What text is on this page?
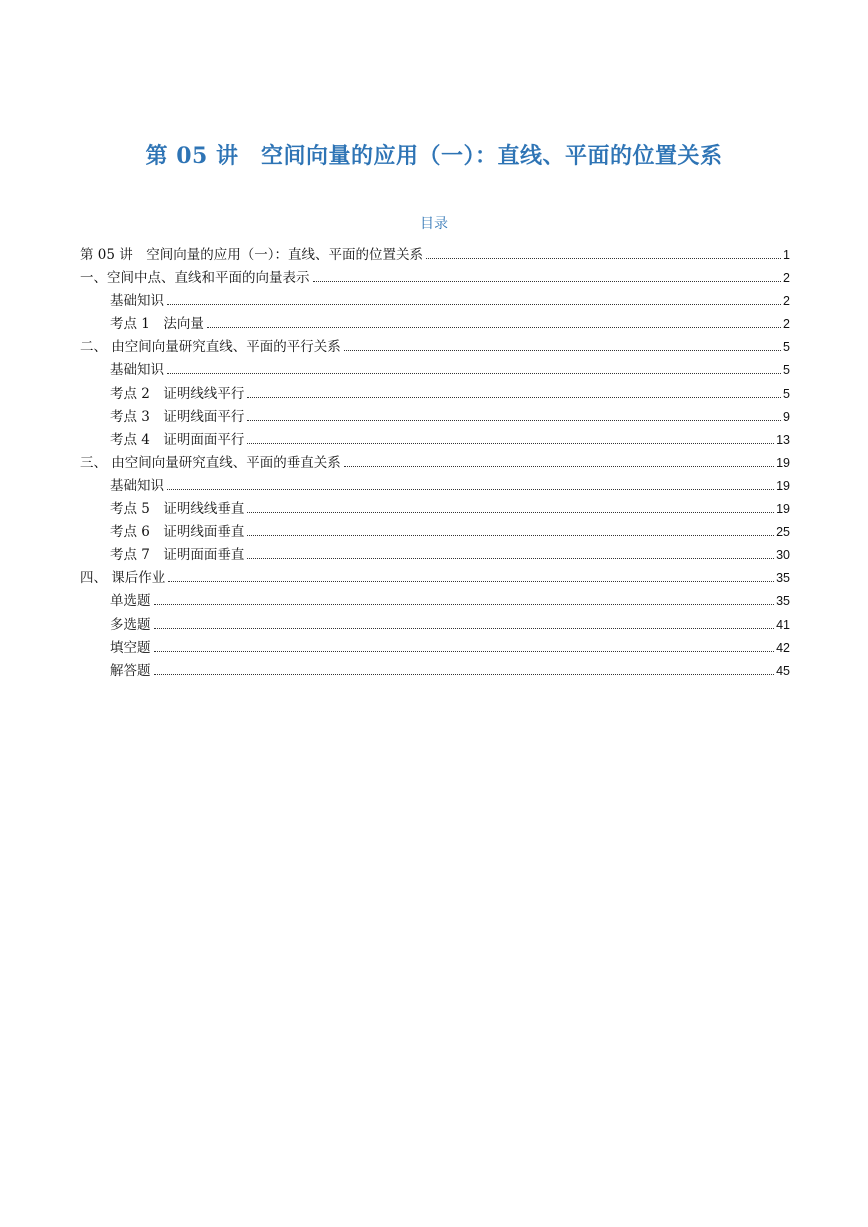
第 05 讲　空间向量的应用（一）：直线、平面的位置关系
目录
第 05 讲　空间向量的应用（一）：直线、平面的位置关系	1
一、空间中点、直线和平面的向量表示	2
基础知识	2
考点 1　法向量	2
二、 由空间向量研究直线、平面的平行关系	5
基础知识	5
考点 2　证明线线平行	5
考点 3　证明线面平行	9
考点 4　证明面面平行	13
三、 由空间向量研究直线、平面的垂直关系	19
基础知识	19
考点 5　证明线线垂直	19
考点 6　证明线面垂直	25
考点 7　证明面面垂直	30
四、 课后作业	35
单选题	35
多选题	41
填空题	42
解答题	45
